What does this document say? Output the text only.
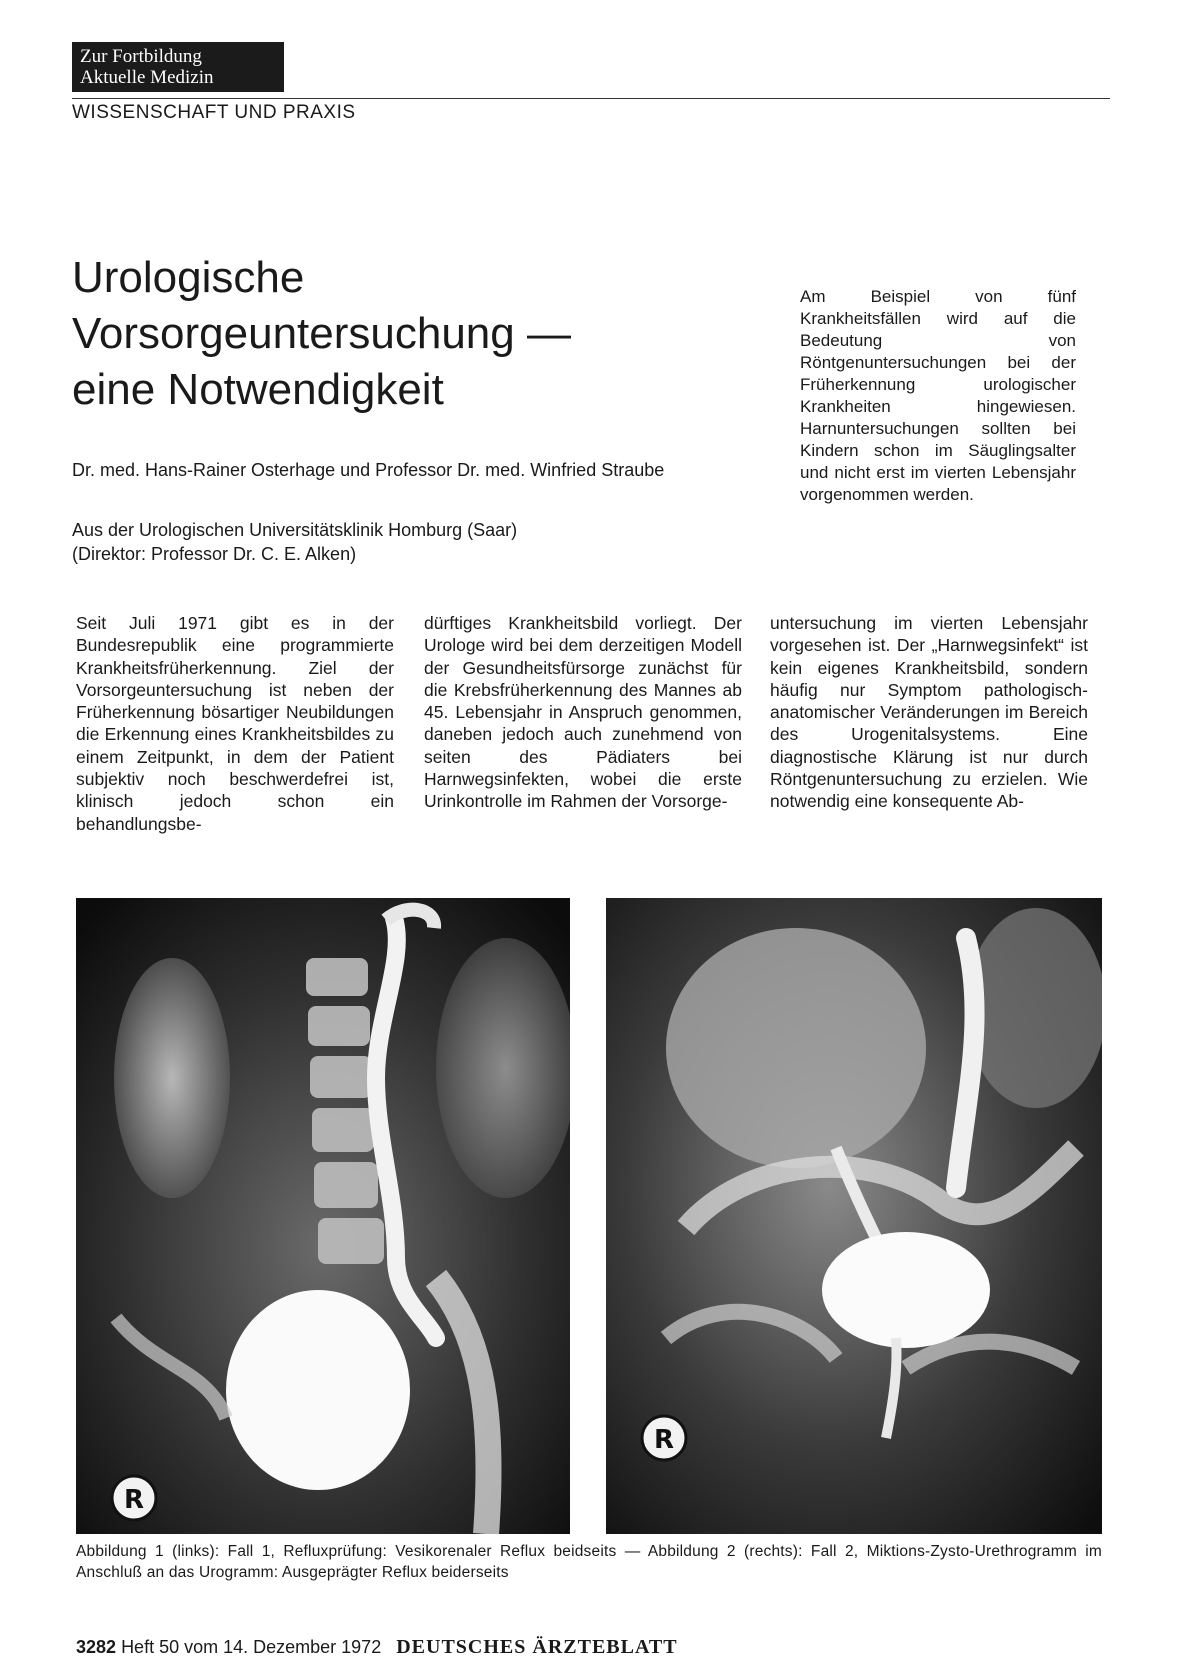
Zur Fortbildung
Aktuelle Medizin
WISSENSCHAFT UND PRAXIS
Urologische
Vorsorgeuntersuchung —
eine Notwendigkeit
Dr. med. Hans-Rainer Osterhage und Professor Dr. med. Winfried Straube
Aus der Urologischen Universitätsklinik Homburg (Saar)
(Direktor: Professor Dr. C. E. Alken)
Am Beispiel von fünf Krankheitsfällen wird auf die Bedeutung von Röntgenuntersuchungen bei der Früherkennung urologischer Krankheiten hingewiesen. Harnuntersuchungen sollten bei Kindern schon im Säuglingsalter und nicht erst im vierten Lebensjahr vorgenommen werden.
Seit Juli 1971 gibt es in der Bundesrepublik eine programmierte Krankheitsfrüherkennung. Ziel der Vorsorgeuntersuchung ist neben der Früherkennung bösartiger Neubildungen die Erkennung eines Krankheitsbildes zu einem Zeitpunkt, in dem der Patient subjektiv noch beschwerdefrei ist, klinisch jedoch schon ein behandlungsbe-
dürftiges Krankheitsbild vorliegt. Der Urologe wird bei dem derzeitigen Modell der Gesundheitsfürsorge zunächst für die Krebsfrüherkennung des Mannes ab 45. Lebensjahr in Anspruch genommen, daneben jedoch auch zunehmend von seiten des Pädiaters bei Harnwegsinfekten, wobei die erste Urinkontrolle im Rahmen der Vorsorge-
untersuchung im vierten Lebensjahr vorgesehen ist. Der „Harnwegsinfekt“ ist kein eigenes Krankheitsbild, sondern häufig nur Symptom pathologisch-anatomischer Veränderungen im Bereich des Urogenitalsystems. Eine diagnostische Klärung ist nur durch Röntgenuntersuchung zu erzielen. Wie notwendig eine konsequente Ab-
R
R
Abbildung 1 (links): Fall 1, Refluxprüfung: Vesikorenaler Reflux beidseits — Abbildung 2 (rechts): Fall 2, Miktions-Zysto-Urethrogramm im Anschluß an das Urogramm: Ausgeprägter Reflux beiderseits
3282 Heft 50 vom 14. Dezember 1972 DEUTSCHES ÄRZTEBLATT
